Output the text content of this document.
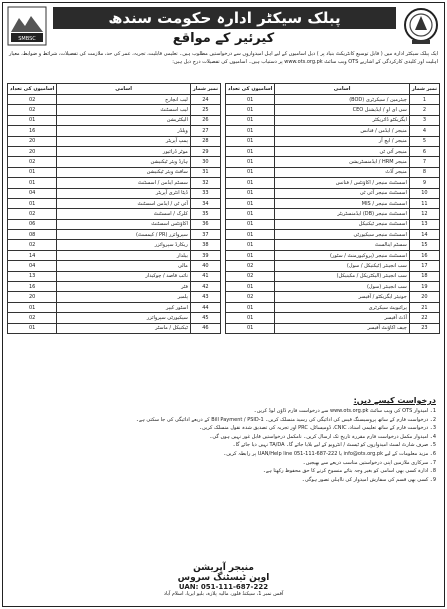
SMBSC
پبلک سیکٹر ادارہ حکومت سندھ
کیرئیر کے مواقع
ایک پبلک سیکٹر ادارہ میں ( قابل توسیع کانٹریکٹ بنیاد پر ) ذیل اسامیوں کے لیے اہل امیدواروں سے درخواستیں مطلوب ہیں۔ تعلیمی قابلیت، تجربہ، عمر کی حد، ملازمت کی تفصیلات، شرائط و ضوابط، معیار اہلیت اور کلیدی کارکردگی کے اشاریے OTS ویب سائٹ www.ots.org.pk پر دستیاب ہیں۔ اسامیوں کی تفصیلات درج ذیل ہیں:
نمبر شمار	اسامی	اسامیوں کی تعداد
1	چیئرمین / سیکرٹری (BOD)	01
2	سی ای او / ایڈیشنل CEO	01
3	ایگزیکٹو ڈائریکٹر	01
4	منیجر / ایڈمن / فنانس	01
5	منیجر / ایچ آر	01
6	منیجر آئی ٹی	01
7	منیجر HRM / ایڈمنسٹریشن	01
8	منیجر آڈٹ	01
9	اسسٹنٹ منیجر / اکاؤنٹس / فنانس	01
10	اسسٹنٹ منیجر آئی ٹی	01
11	اسسٹنٹ منیجر / MIS	01
12	اسسٹنٹ منیجر (DB) ایڈمنسٹریٹر	01
13	اسسٹنٹ منیجر ٹیکنیکل	01
14	اسسٹنٹ منیجر سیکیورٹی	01
15	سسٹم اینالسٹ	01
16	اسسٹنٹ منیجر (پروکیورمنٹ / سٹور)	01
17	سب انجینئر (ٹیکنیکل / سول)	02
18	سب انجینئر (الیکٹریکل / مکینیکل)	02
19	سب انجینئر (سول)	01
20	جونیئر ایگزیکٹو / آفیسر	02
21	پرائیویٹ سیکرٹری	01
22	آڈٹ آفیسر	01
23	چیف اکاؤنٹ آفیسر	01
نمبر شمار	اسامی	اسامیوں کی تعداد
24	لیب انچارج	02
25	لیب اسسٹنٹ	02
26	الیکٹریشن	01
27	ویلڈر	16
28	پمپ آپریٹر	20
29	موٹر ڈرائیور	20
30	ہارڈ ویئر ٹیکنیشن	02
31	سافٹ ویئر ٹیکنیشن	01
32	سسٹم ایڈمن / اسسٹنٹ	01
33	ڈیٹا انٹری آپریٹر	04
34	آئی ٹی / ایڈمن اسسٹنٹ	01
35	کلرک / اسسٹنٹ	02
36	اکاؤنٹس اسسٹنٹ	06
37	سپروائزر (PR / کیمسٹ)	08
38	ریکارڈ سپروائزر	02
39	بیلدار	14
40	مالی	04
41	نائب قاصد / چوکیدار	13
42	فٹر	16
43	پلمبر	20
44	اسٹور کیپر	01
45	سیکیورٹی سپروائزر	02
46	ٹیکنیکل / ماسٹر	01
درخواست کیسے دیں:
1۔ امیدوار OTS کی ویب سائٹ www.ots.org.pk سے درخواست فارم ڈاؤن لوڈ کریں۔
2۔ درخواست فارم کے ساتھ پروسیسنگ فیس کی ادائیگی کی رسید منسلک کریں۔ 1-Bill Payment / PSID کے ذریعے ادائیگی کی جا سکتی ہے۔
3۔ درخواست فارم کے ساتھ تعلیمی اسناد، CNIC، ڈومیسائل، PRC اور تجربہ کی تصدیق شدہ نقول منسلک کریں۔
4۔ امیدوار مکمل درخواست فارم مقررہ تاریخ تک ارسال کریں۔ نامکمل درخواستیں قابل غور نہیں ہوں گی۔
5۔ صرف شارٹ لسٹ امیدواروں کو ٹیسٹ / انٹرویو کے لیے بلایا جائے گا۔ TA/DA نہیں دیا جائے گا۔
6۔ مزید معلومات کے لیے info@ots.org.pk یا UAN/Help line 051-111-687-222 پر رابطہ کریں۔
7۔ سرکاری ملازمین اپنی درخواستیں مناسب ذریعے سے بھیجیں۔
8۔ ادارہ کسی بھی اسامی کو بغیر وجہ بتائے منسوخ کرنے کا حق محفوظ رکھتا ہے۔
9۔ کسی بھی قسم کی سفارش امیدوار کی نااہلی تصور ہوگی۔
منیجر آپریشن
اوپن ٹیسٹنگ سروس
UAN: 051-111-687-222
آفس نمبر 1، سیکنڈ فلور، مالیہ پلازہ، بلیو ایریا، اسلام آباد
